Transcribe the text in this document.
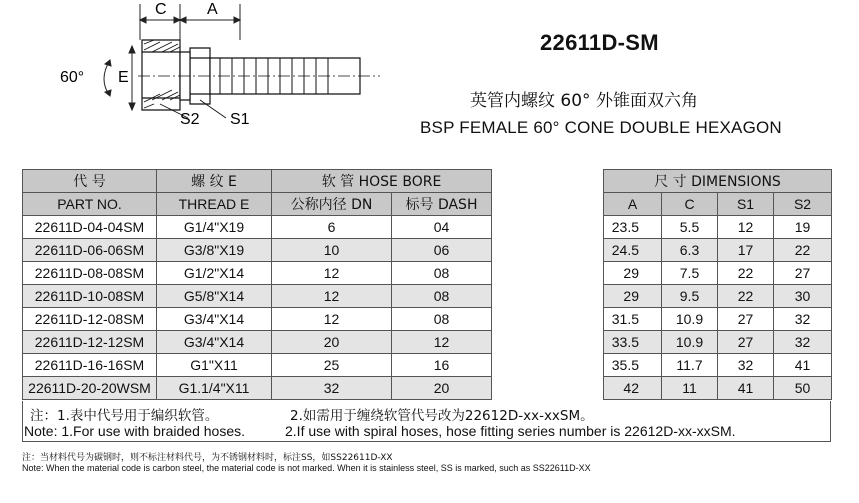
C	A
E
60°
S2 S1
22611D-SM
英管内螺纹 60° 外锥面双六角
BSP FEMALE 60° CONE DOUBLE HEXAGON
代 号	螺 纹 E	软 管 HOSE BORE			尺 寸 DIMENSIONS			
PART NO.	THREAD E	公称内径 DN	标号 DASH		A	C	S1	S2
22611D-04-04SM	G1/4"X19	6	04		23.5	5.5	12	19
22611D-06-06SM	G3/8"X19	10	06		24.5	6.3	17	22
22611D-08-08SM	G1/2"X14	12	08		29	7.5	22	27
22611D-10-08SM	G5/8"X14	12	08		29	9.5	22	30
22611D-12-08SM	G3/4"X14	12	08		31.5	10.9	27	32
22611D-12-12SM	G3/4"X14	20	12		33.5	10.9	27	32
22611D-16-16SM	G1"X11	25	16		35.5	11.7	32	41
22611D-20-20WSM	G1.1/4"X11	32	20		42	11	41	50
注：1.表中代号用于编织软管。	2.如需用于缠绕软管代号改为22612D-xx-xxSM。
Note: 1.For use with braided hoses.	2.If use with spiral hoses, hose fitting series number is 22612D-xx-xxSM.
注：当材料代号为碳钢时，则不标注材料代号，为不锈钢材料时，标注SS，如SS22611D-XX
Note: When the material code is carbon steel, the material code is not marked. When it is stainless steel, SS is marked, such as SS22611D-XX
